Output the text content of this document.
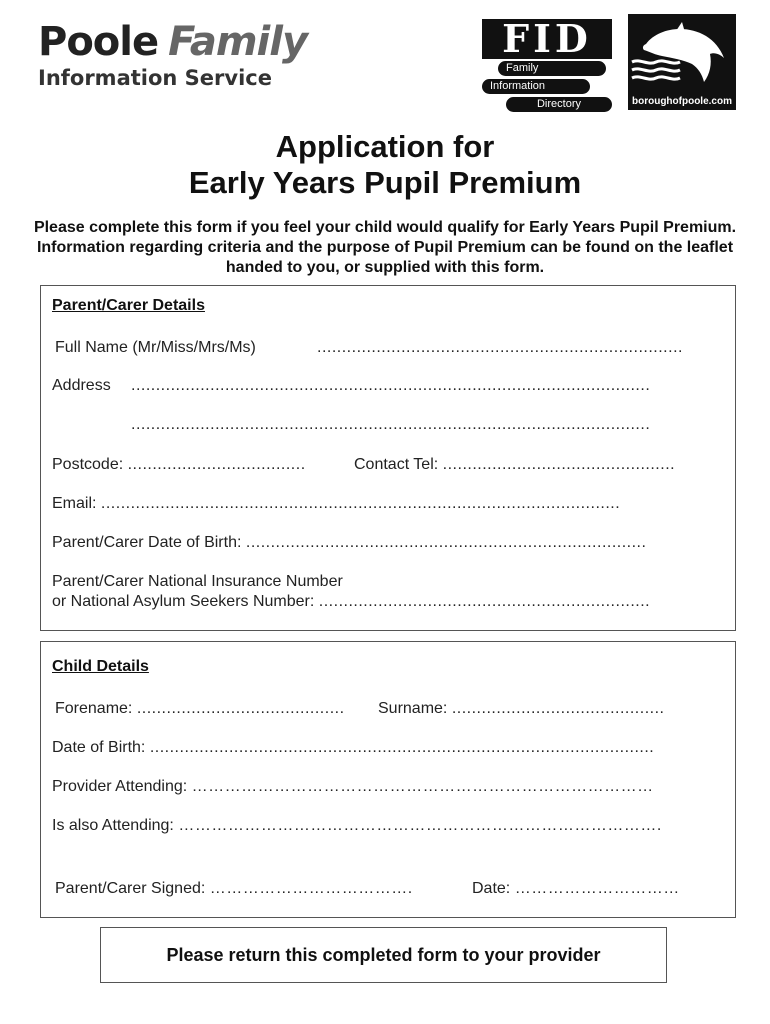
Poole Family
Information Service
FID
Family
Information
Directory	boroughofpoole.com
Application for
Early Years Pupil Premium
Please complete this form if you feel your child would qualify for Early Years Pupil Premium. Information regarding criteria and the purpose of Pupil Premium can be found on the leaflet handed to you, or supplied with this form.
Parent/Carer Details
Full Name (Mr/Miss/Mrs/Ms)	..........................................................................
Address .........................................................................................................
.........................................................................................................
Postcode: ....................................	Contact Tel: ...............................................
Email: .........................................................................................................
Parent/Carer Date of Birth: .................................................................................
Parent/Carer National Insurance Number
or National Asylum Seekers Number: ...................................................................
Child Details
Forename: .......................................... Surname: ...........................................
Date of Birth: ......................................................................................................
Provider Attending: …………………………………………………………………………
Is also Attending: …………………………………………………………………………….
Parent/Carer Signed: ……………………………….	Date: …………………………
Please return this completed form to your provider
